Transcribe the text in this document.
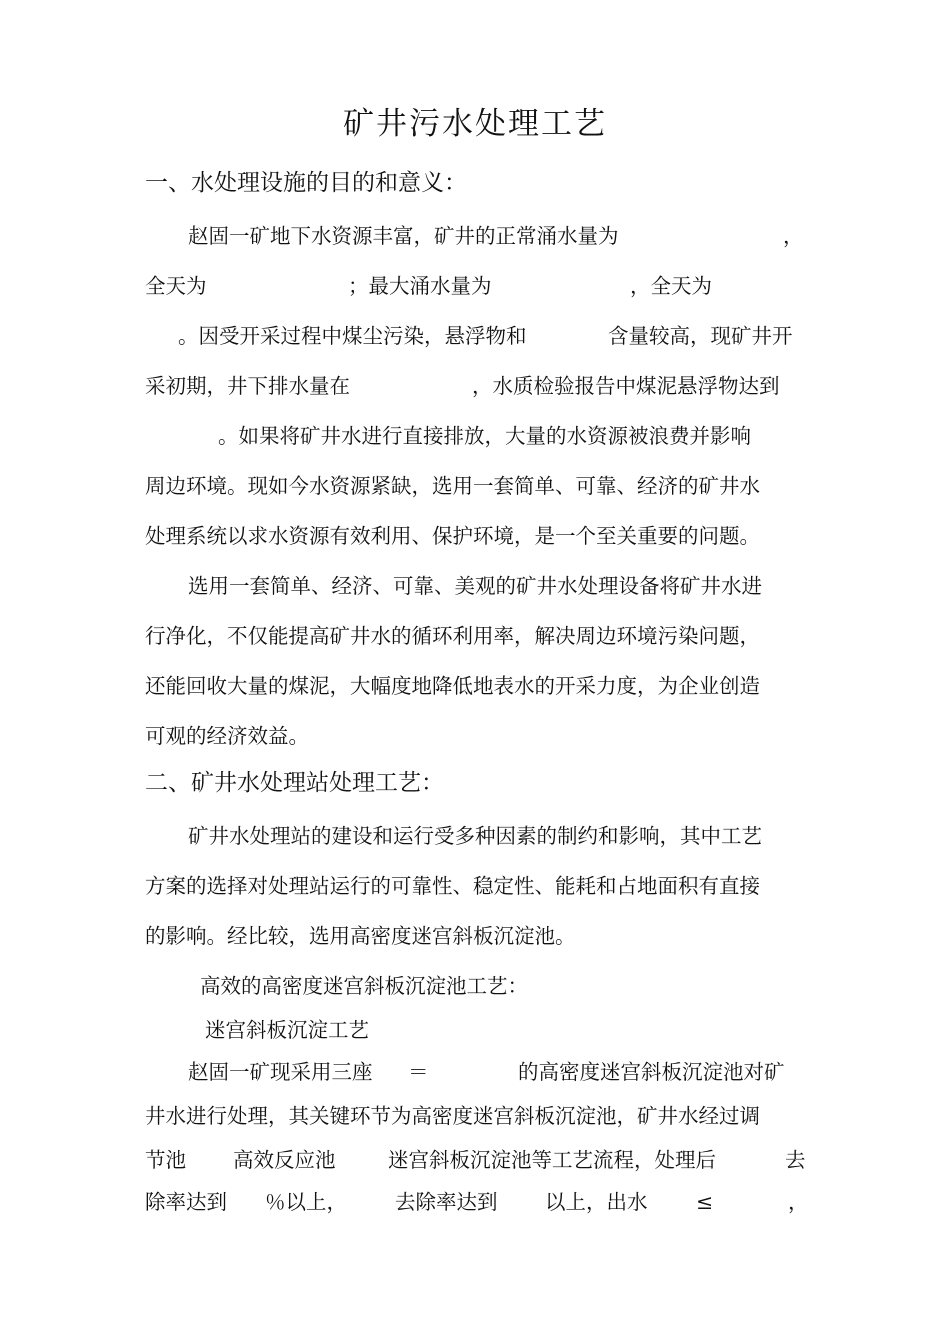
矿井污水处理工艺
一、水处理设施的目的和意义：
赵固一矿地下水资源丰富，矿井的正常涌水量为	，
全天为	；最大涌水量为	，全天为
。因受开采过程中煤尘污染，悬浮物和	含量较高，现矿井开
采初期，井下排水量在	，水质检验报告中煤泥悬浮物达到
。如果将矿井水进行直接排放，大量的水资源被浪费并影响
周边环境。现如今水资源紧缺，选用一套简单、可靠、经济的矿井水
处理系统以求水资源有效利用、保护环境，是一个至关重要的问题。
选用一套简单、经济、可靠、美观的矿井水处理设备将矿井水进
行净化，不仅能提高矿井水的循环利用率，解决周边环境污染问题，
还能回收大量的煤泥，大幅度地降低地表水的开采力度，为企业创造
可观的经济效益。
二、矿井水处理站处理工艺：
矿井水处理站的建设和运行受多种因素的制约和影响，其中工艺
方案的选择对处理站运行的可靠性、稳定性、能耗和占地面积有直接
的影响。经比较，选用高密度迷宫斜板沉淀池。
高效的高密度迷宫斜板沉淀池工艺：
迷宫斜板沉淀工艺
赵固一矿现采用三座 ＝	的高密度迷宫斜板沉淀池对矿
井水进行处理，其关键环节为高密度迷宫斜板沉淀池，矿井水经过调
节池 高效反应池	迷宫斜板沉淀池等工艺流程，处理后	去
除率达到 ％以上， 去除率达到 以上，出水 ≤	，
